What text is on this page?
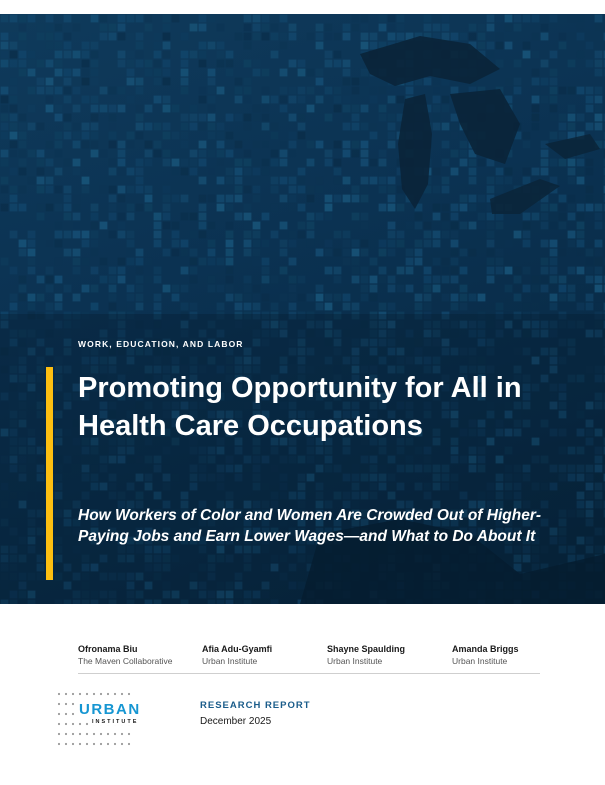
WORK, EDUCATION, AND LABOR

Promoting Opportunity for All in Health Care Occupations

How Workers of Color and Women Are Crowded Out of Higher-Paying Jobs and Earn Lower Wages—and What to Do About It

Ofronama Biu
The Maven Collaborative
Afia Adu-Gyamfi
Urban Institute
Shayne Spaulding
Urban Institute
Amanda Briggs
Urban Institute

URBAN

INSTITUTE

RESEARCH REPORT

December 2025
